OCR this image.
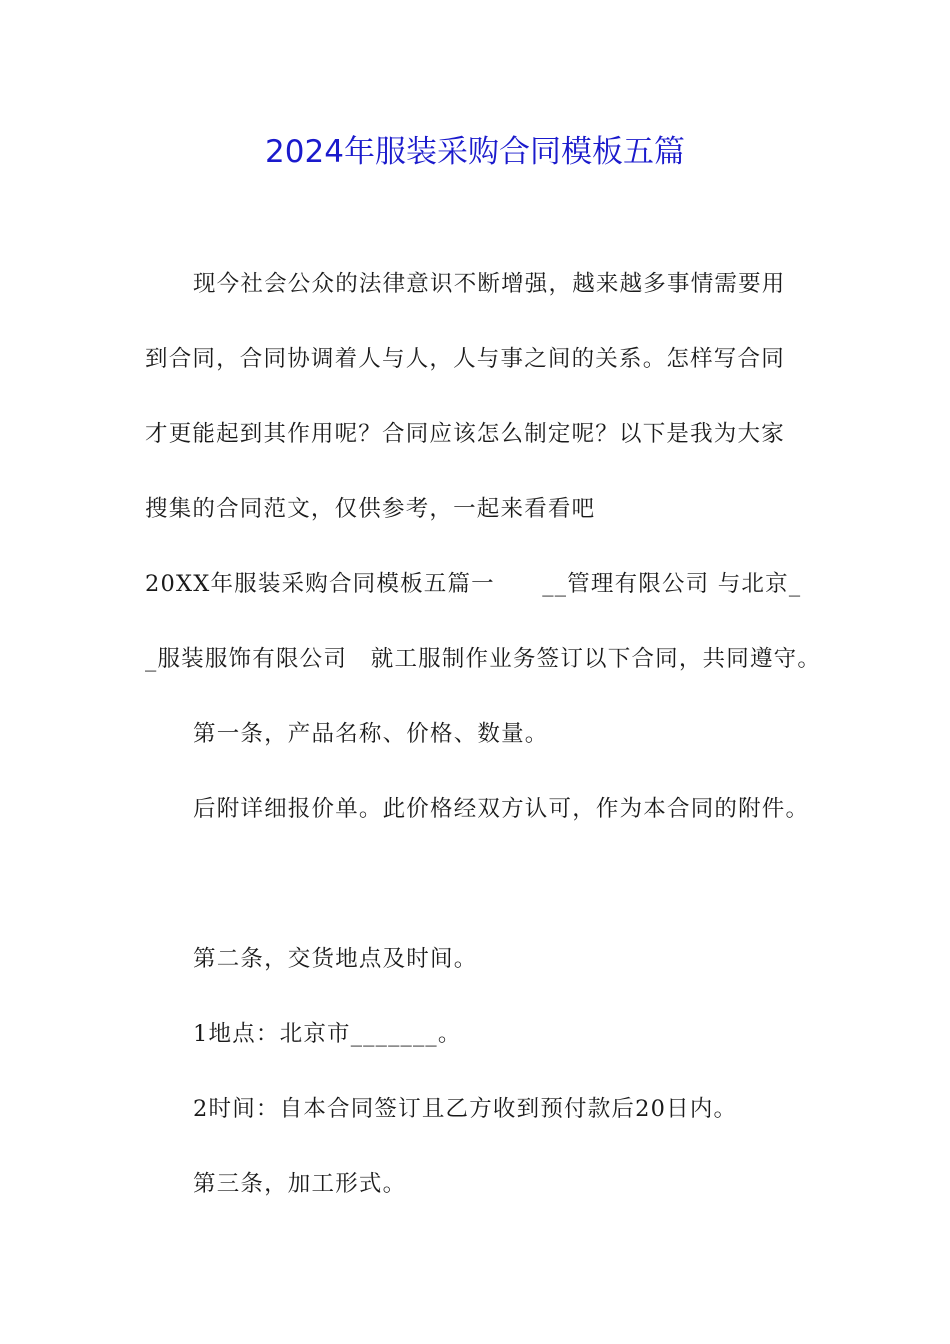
2024年服装采购合同模板五篇
现今社会公众的法律意识不断增强，越来越多事情需要用
到合同，合同协调着人与人，人与事之间的关系。怎样写合同
才更能起到其作用呢？合同应该怎么制定呢？以下是我为大家
搜集的合同范文，仅供参考，一起来看看吧
20XX年服装采购合同模板五篇一　　__管理有限公司 与北京_
_服装服饰有限公司　就工服制作业务签订以下合同，共同遵守。
第一条，产品名称、价格、数量。
后附详细报价单。此价格经双方认可，作为本合同的附件。
第二条，交货地点及时间。
1地点：北京市_______。
2时间：自本合同签订且乙方收到预付款后20日内。
第三条，加工形式。
